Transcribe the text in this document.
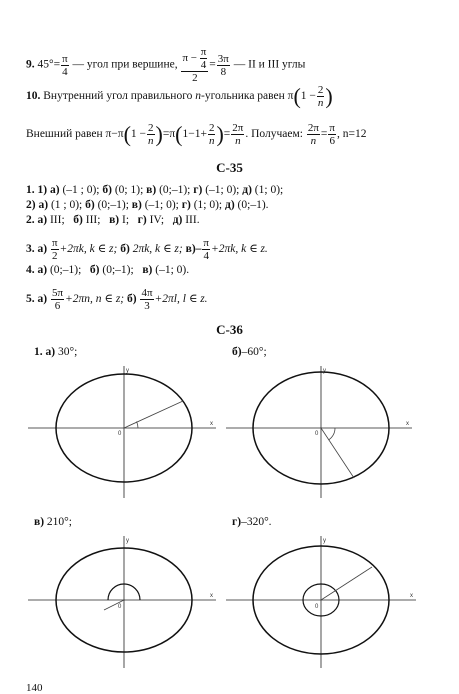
9. $45^\circ= \frac{\pi}{4}$ — угол при вершине, $\frac{\pi - \frac{\pi}{4}}{2} = \frac{3\pi}{8}$ — II и III углы
10. Внутренний угол правильного n-угольника равен $\pi(1 - \frac{2}{n}$ )
Внешний равен $\pi-\pi(1 - \frac{2}{n} )=\pi(1-1+ \frac{2}{n}$ )= $\frac{2\pi}{n}$ . Получаем: $\frac{2\pi}{n} = \frac{\pi}{6}$ , n=12
С-35
1. 1) а) (–1 ; 0); б) (0; 1); в) (0;–1); г) (–1; 0); д) (1; 0);
2) а) (1 ; 0); б) (0;–1); в) (–1; 0); г) (1; 0); д) (0;–1).
2. а) III; б) III; в) I; г) IV; д) III.
3. $а) \frac{\pi}{2} +2\pi k$, k ∈ z; б) 2πk, k ∈ z; $в)- \frac{\pi}{4} +2\pi k$, k ∈ z.
4. а) (0;–1); б) (0;–1); в) (–1; 0).
5. $а) \frac{5\pi}{6} +2\pi n$, n ∈ z; $б) \frac{4\pi}{3} +2\pi l$, l ∈ z.
С-36
1. а) 30°;	б)–60°;
в) 210°;	г)–320°.
y
x
0
y
x
0
y
x
0
y
x
0
140
